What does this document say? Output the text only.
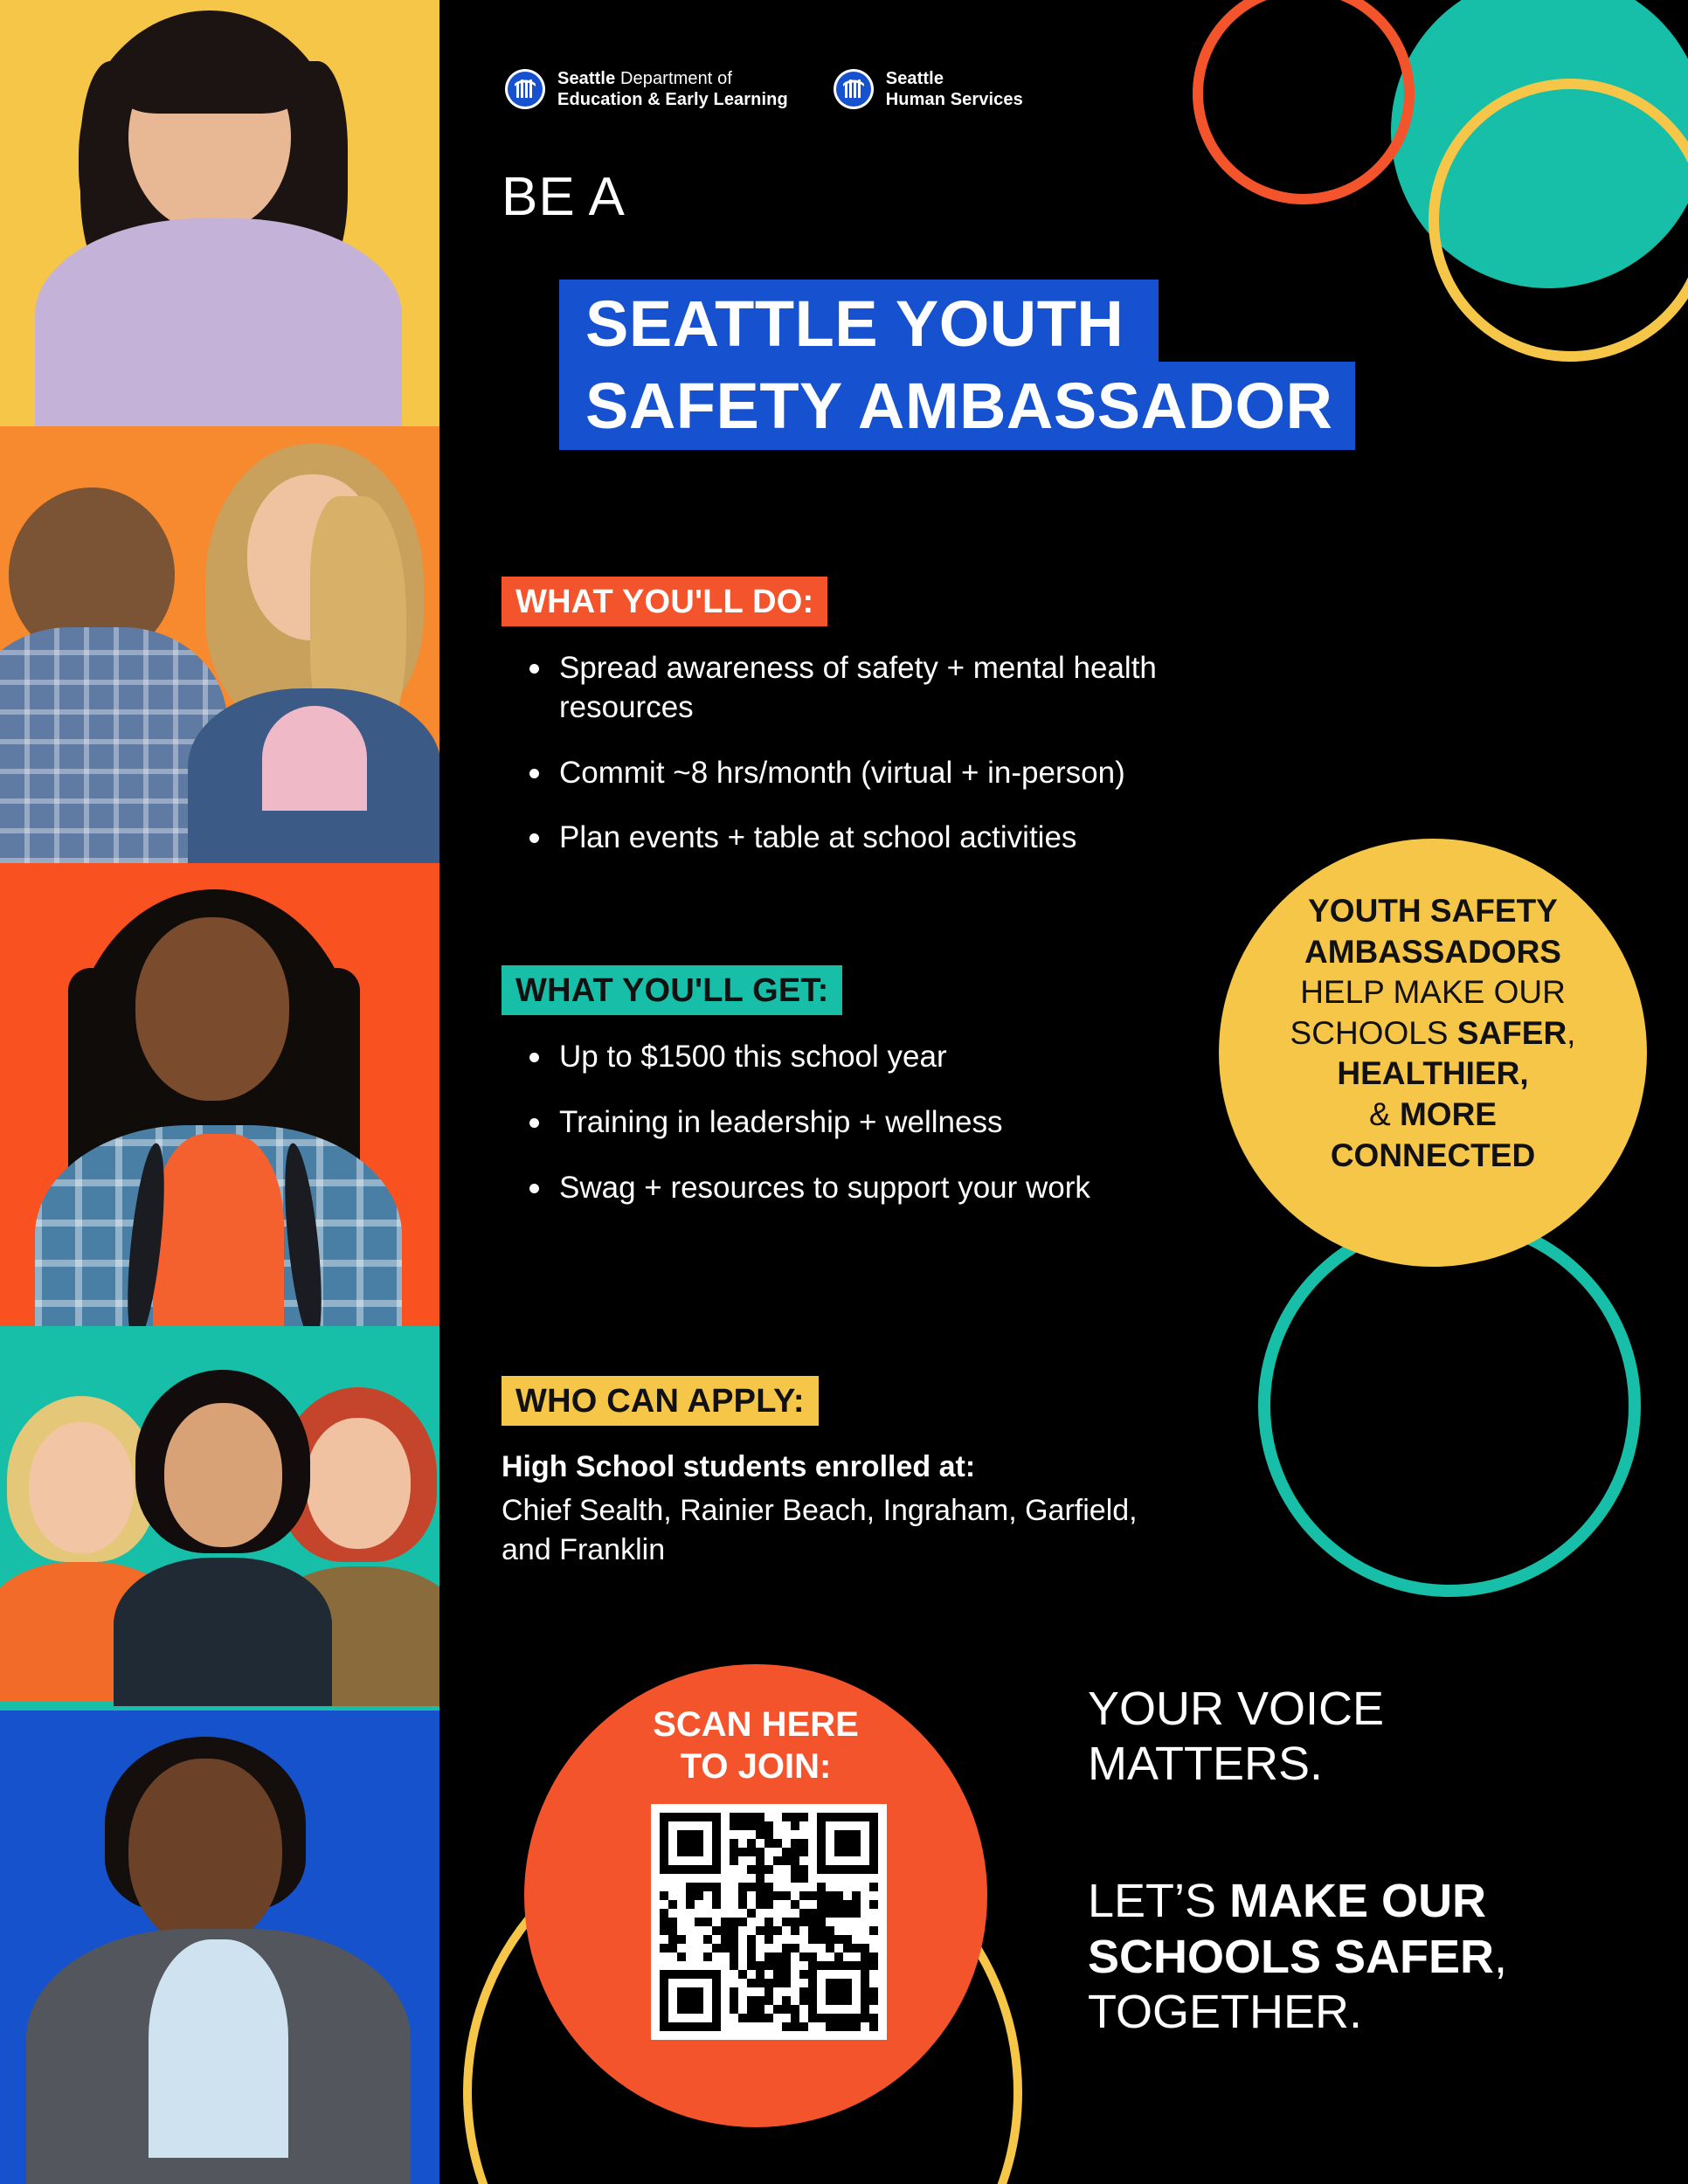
Seattle Department of
Education & Early Learning
Seattle
Human Services
BE A
SEATTLE YOUTH
SAFETY AMBASSADOR
WHAT YOU'LL DO:
Spread awareness of safety + mental health resources
Commit ~8 hrs/month (virtual + in-person)
Plan events + table at school activities
WHAT YOU'LL GET:
Up to $1500 this school year
Training in leadership + wellness
Swag + resources to support your work
WHO CAN APPLY:
High School students enrolled at:
Chief Sealth, Rainier Beach, Ingraham, Garfield, and Franklin
YOUTH SAFETY
AMBASSADORS
HELP MAKE OUR
SCHOOLS SAFER,
HEALTHIER,
& MORE
CONNECTED
SCAN HERE
TO JOIN:
YOUR VOICE
MATTERS.
LET’S MAKE OUR
SCHOOLS SAFER,
TOGETHER.
